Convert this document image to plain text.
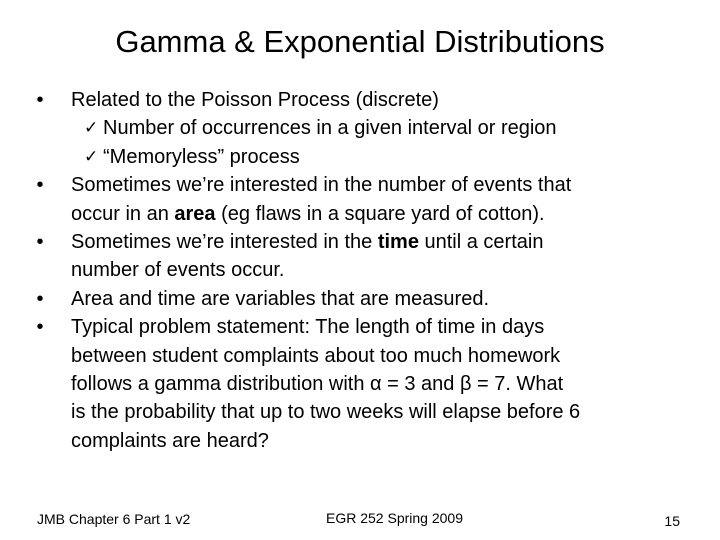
Gamma & Exponential Distributions
•	Related to the Poisson Process (discrete)
✓ Number of occurrences in a given interval or region
✓ “Memoryless” process
•	Sometimes we’re interested in the number of events that
occur in an area (eg flaws in a square yard of cotton).
•	Sometimes we’re interested in the time until a certain
number of events occur.
•	Area and time are variables that are measured.
•	Typical problem statement: The length of time in days
between student complaints about too much homework
follows a gamma distribution with α = 3 and β = 7. What
is the probability that up to two weeks will elapse before 6
complaints are heard?
JMB Chapter 6 Part 1 v2	EGR 252 Spring 2009	15
